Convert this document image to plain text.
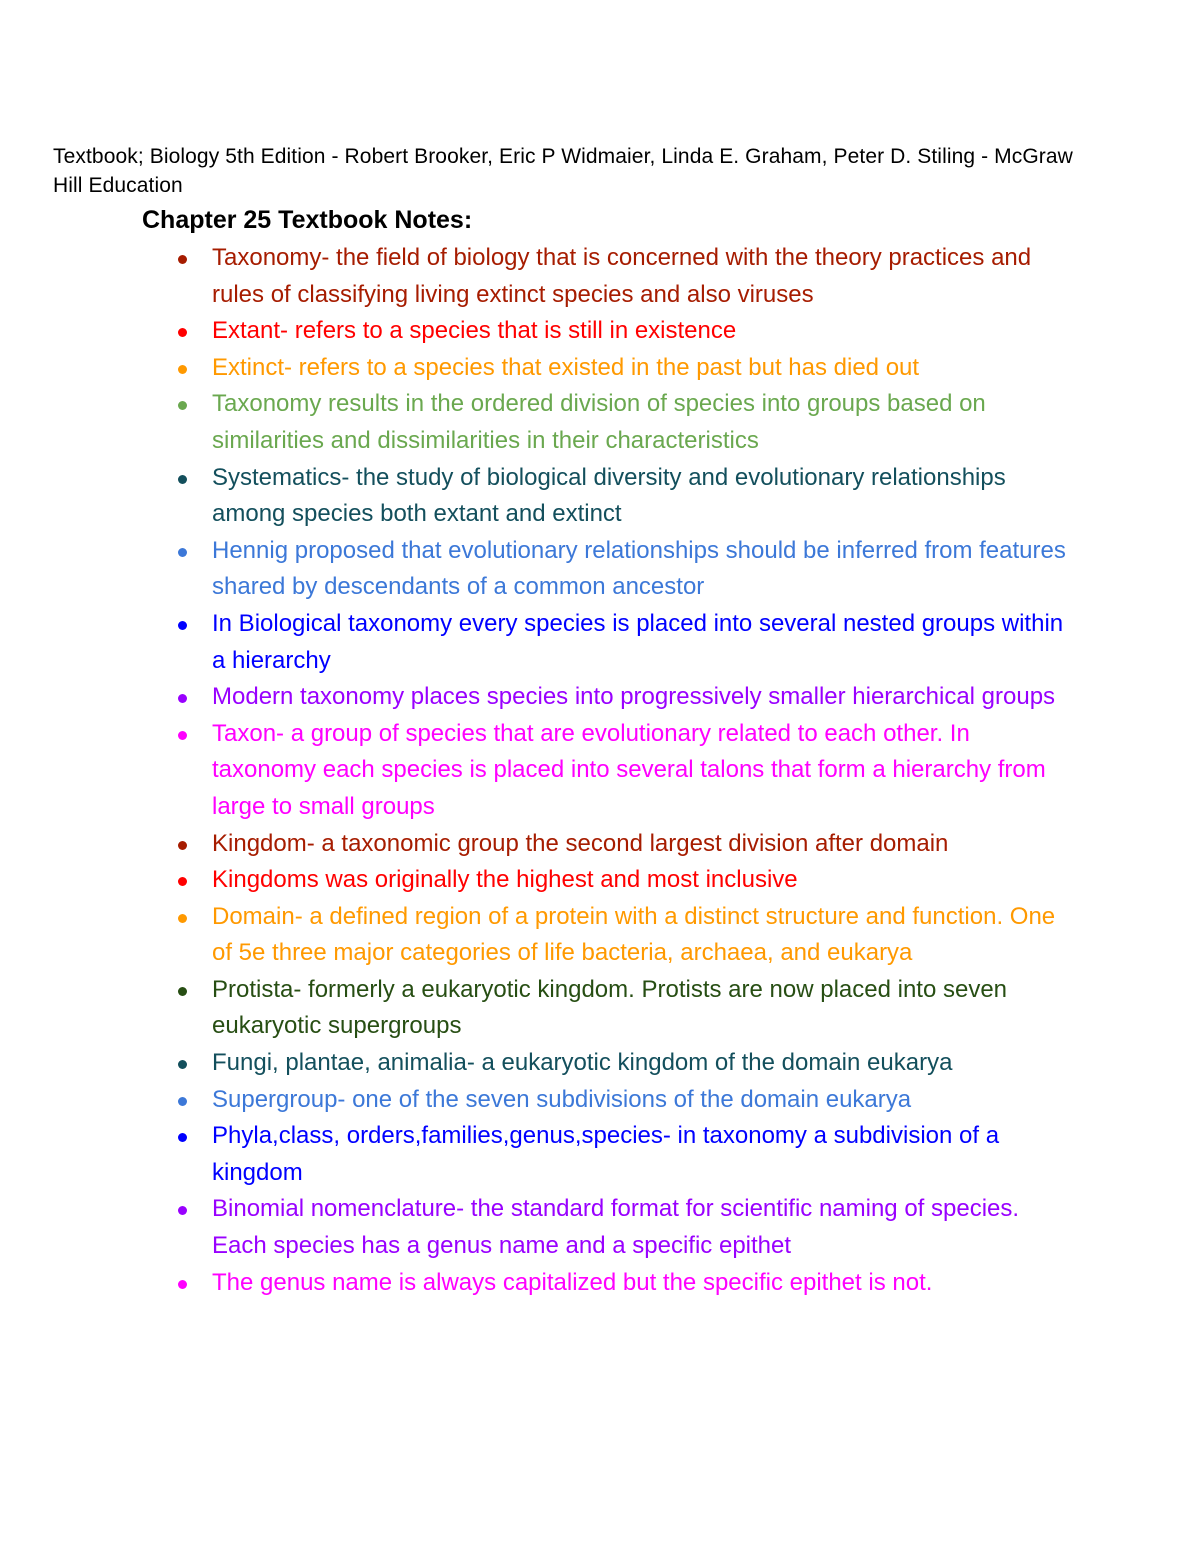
Textbook; Biology 5th Edition - Robert Brooker, Eric P Widmaier, Linda E. Graham, Peter D. Stiling - McGraw Hill Education
Chapter 25 Textbook Notes:
Taxonomy- the field of biology that is concerned with the theory practices and rules of classifying living extinct species and also viruses
Extant- refers to a species that is still in existence
Extinct- refers to a species that existed in the past but has died out
Taxonomy results in the ordered division of species into groups based on similarities and dissimilarities in their characteristics
Systematics- the study of biological diversity and evolutionary relationships among species both extant and extinct
Hennig proposed that evolutionary relationships should be inferred from features shared by descendants of a common ancestor
In Biological taxonomy every species is placed into several nested groups within a hierarchy
Modern taxonomy places species into progressively smaller hierarchical groups
Taxon- a group of species that are evolutionary related to each other. In taxonomy each species is placed into several talons that form a hierarchy from large to small groups
Kingdom- a taxonomic group the second largest division after domain
Kingdoms was originally the highest and most inclusive
Domain- a defined region of a protein with a distinct structure and function. One of 5e three major categories of life bacteria, archaea, and eukarya
Protista- formerly a eukaryotic kingdom. Protists are now placed into seven eukaryotic supergroups
Fungi, plantae, animalia- a eukaryotic kingdom of the domain eukarya
Supergroup- one of the seven subdivisions of the domain eukarya
Phyla,class, orders,families,genus,species- in taxonomy a subdivision of a kingdom
Binomial nomenclature- the standard format for scientific naming of species. Each species has a genus name and a specific epithet
The genus name is always capitalized but the specific epithet is not.
